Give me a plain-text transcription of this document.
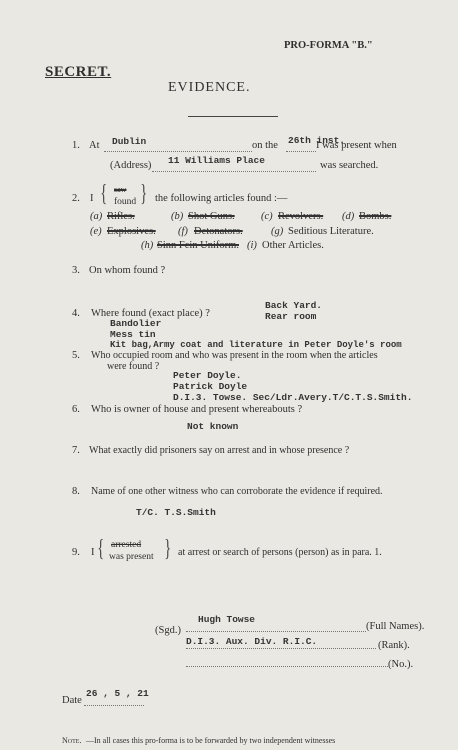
PRO-FORMA "B."
SECRET.
EVIDENCE.
1. At Dublin	on the 26th inst.
I was present when
(Address) 11 Williams Place	was searched.
2. I { saw
found } the following articles found :—
(a) Rifles.	(b) Shot Guns.	(c) Revolvers. (d) Bombs.
(e) Explosives. (f) Detonators.	(g) Seditious Literature.
(h) Sinn Fein Uniform. (i) Other Articles.
3. On whom found ?
4. Where found (exact place) ?
Back Yard.
Rear room
Bandolier
Mess tin
Kit bag,Army coat and literature in Peter Doyle's room
5. Who occupied room and who was present in the room when the articles
were found ?
Peter Doyle.
Patrick Doyle
D.I.3. Towse. Sec/Ldr.Avery.T/C.T.S.Smith.
6. Who is owner of house and present whereabouts ?
Not known
7. What exactly did prisoners say on arrest and in whose presence ?
8. Name of one other witness who can corroborate the evidence if required.
T/C. T.S.Smith
9. I { arrested
was present } at arrest or search of persons (person) as in para. 1.
(Sgd.)
Hugh Towse
(Full Names).
D.I.3. Aux. Div. R.I.C.	(Rank).
(No.).
Date
26 , 5 , 21
Note. —In all cases this pro-forma is to be forwarded by two independent witnesses
